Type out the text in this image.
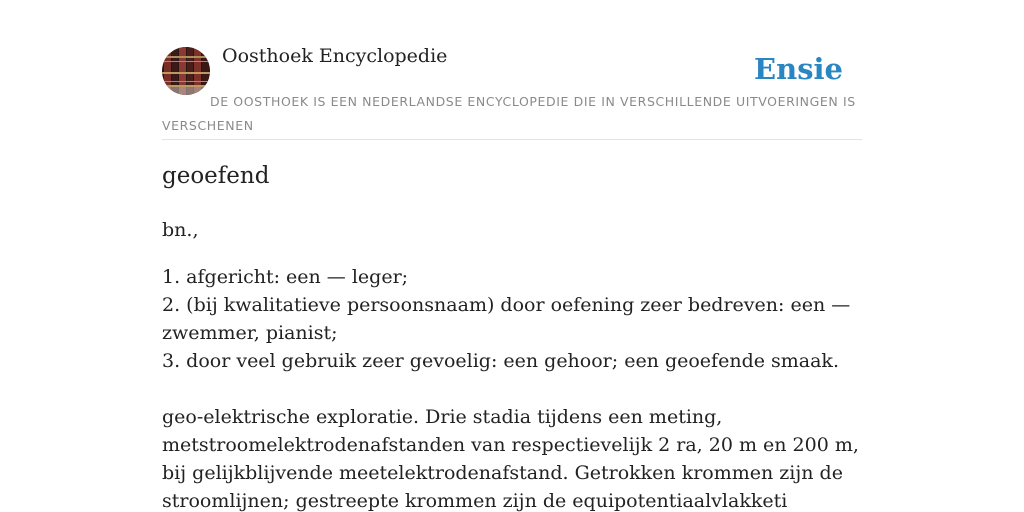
Oosthoek Encyclopedie	Ensie
DE OOSTHOEK IS EEN NEDERLANDSE ENCYCLOPEDIE DIE IN VERSCHILLENDE UITVOERINGEN IS VERSCHENEN
geoefend

bn.,

1. afgericht: een — leger;

2. (bij kwalitatieve persoonsnaam) door oefening zeer bedreven: een — zwemmer, pianist;

3. door veel gebruik zeer gevoelig: een gehoor; een geoefende smaak.

geo-elektrische exploratie. Drie stadia tijdens een meting, metstroomelektrodenafstanden van respectievelijk 2 ra, 20 m en 200 m, bij gelijkblijvende meetelektrodenafstand. Getrokken krommen zijn de stroomlijnen; gestreepte krommen zijn de equipotentiaalvlakketi
